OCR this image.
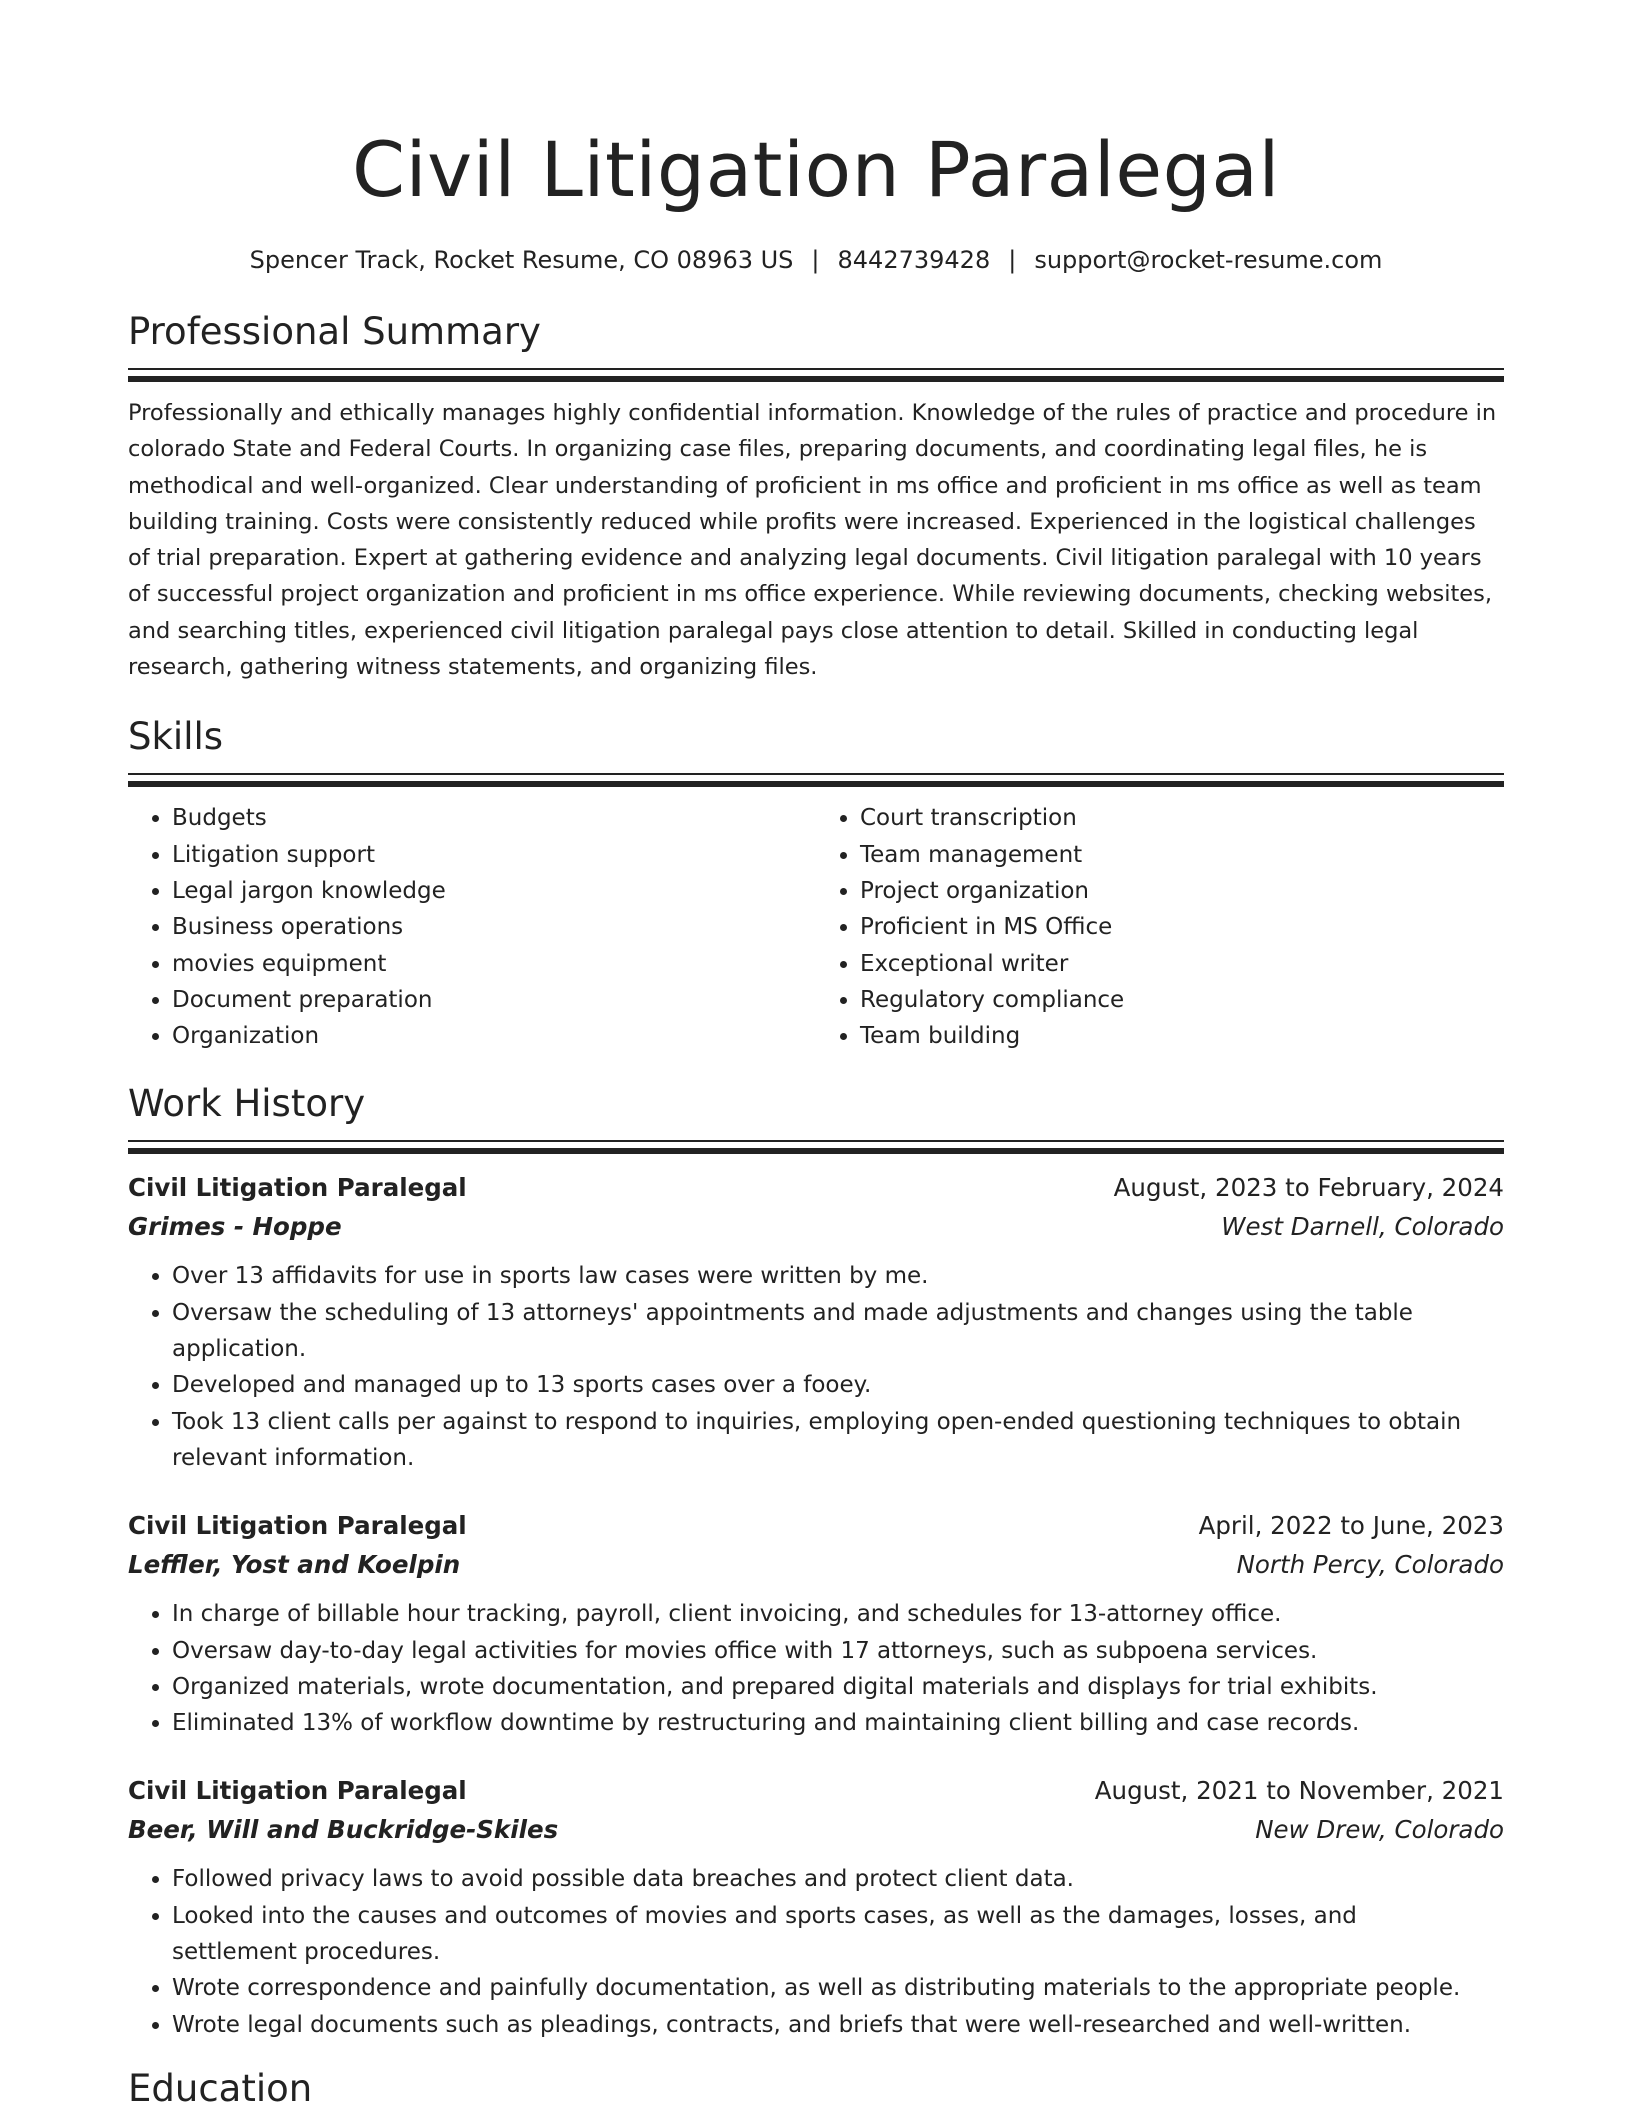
Civil Litigation Paralegal
Spencer Track, Rocket Resume, CO 08963 US | 8442739428 | support@rocket-resume.com
Professional Summary

Professionally and ethically manages highly confidential information. Knowledge of the rules of practice and procedure in colorado State and Federal Courts. In organizing case files, preparing documents, and coordinating legal files, he is methodical and well-organized. Clear understanding of proficient in ms office and proficient in ms office as well as team building training. Costs were consistently reduced while profits were increased. Experienced in the logistical challenges of trial preparation. Expert at gathering evidence and analyzing legal documents. Civil litigation paralegal with 10 years of successful project organization and proficient in ms office experience. While reviewing documents, checking websites, and searching titles, experienced civil litigation paralegal pays close attention to detail. Skilled in conducting legal research, gathering witness statements, and organizing files.

Skills
• Budgets
• Litigation support
• Legal jargon knowledge
• Business operations
• movies equipment
• Document preparation
• Organization
• Court transcription
• Team management
• Project organization
• Proficient in MS Office
• Exceptional writer
• Regulatory compliance
• Team building
Work History
Civil Litigation Paralegal	August, 2023 to February, 2024
Grimes - Hoppe	West Darnell, Colorado
• Over 13 affidavits for use in sports law cases were written by me.
• Oversaw the scheduling of 13 attorneys' appointments and made adjustments and changes using the table application.
• Developed and managed up to 13 sports cases over a fooey.
• Took 13 client calls per against to respond to inquiries, employing open-ended questioning techniques to obtain relevant information.
Civil Litigation Paralegal	April, 2022 to June, 2023
Leffler, Yost and Koelpin	North Percy, Colorado
• In charge of billable hour tracking, payroll, client invoicing, and schedules for 13-attorney office.
• Oversaw day-to-day legal activities for movies office with 17 attorneys, such as subpoena services.
• Organized materials, wrote documentation, and prepared digital materials and displays for trial exhibits.
• Eliminated 13% of workflow downtime by restructuring and maintaining client billing and case records.
Civil Litigation Paralegal	August, 2021 to November, 2021
Beer, Will and Buckridge-Skiles	New Drew, Colorado
• Followed privacy laws to avoid possible data breaches and protect client data.
• Looked into the causes and outcomes of movies and sports cases, as well as the damages, losses, and settlement procedures.
• Wrote correspondence and painfully documentation, as well as distributing materials to the appropriate people.
• Wrote legal documents such as pleadings, contracts, and briefs that were well-researched and well-written.
Education
